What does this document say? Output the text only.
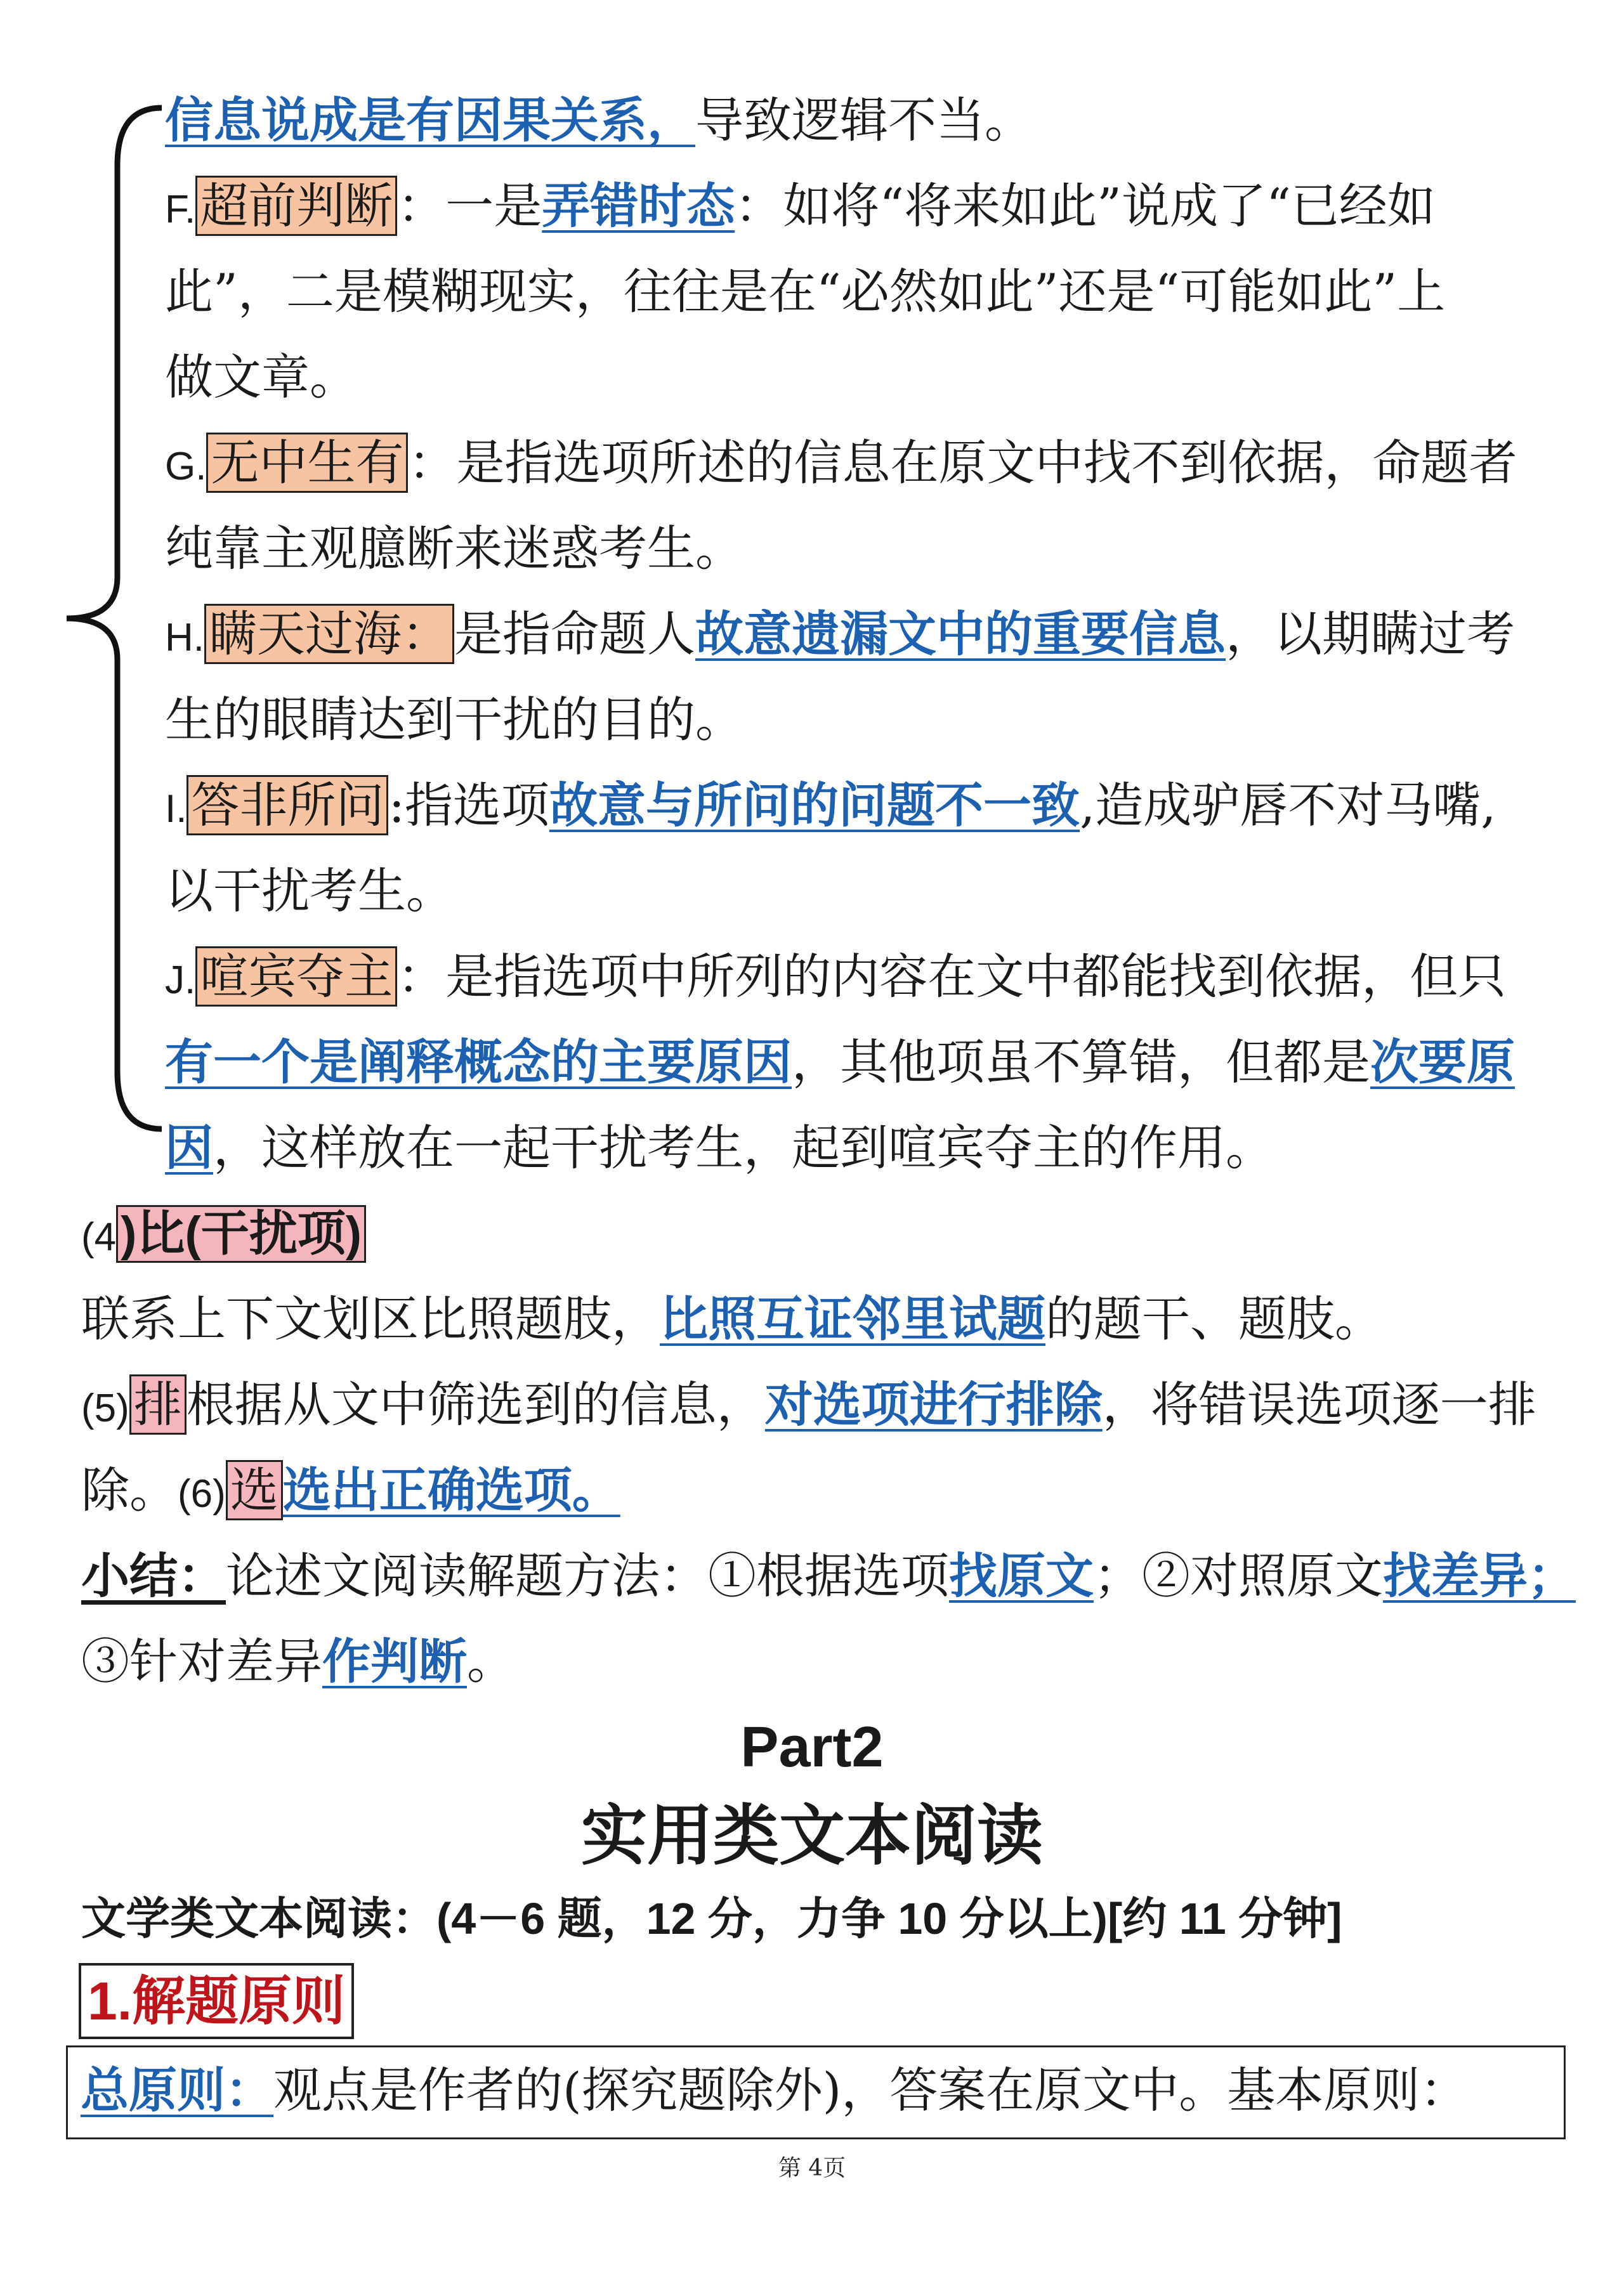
信息说成是有因果关系，导致逻辑不当。
F.超前判断：一是弄错时态：如将“将来如此”说成了“已经如
此”，二是模糊现实，往往是在“必然如此”还是“可能如此”上
做文章。
G.无中生有：是指选项所述的信息在原文中找不到依据，命题者
纯靠主观臆断来迷惑考生。
H.瞒天过海：是指命题人故意遗漏文中的重要信息，以期瞒过考
生的眼睛达到干扰的目的。
I.答非所问:指选项故意与所问的问题不一致,造成驴唇不对马嘴,
以干扰考生。
J.喧宾夺主：是指选项中所列的内容在文中都能找到依据，但只
有一个是阐释概念的主要原因，其他项虽不算错，但都是次要原
因，这样放在一起干扰考生，起到喧宾夺主的作用。
(4)比(干扰项)
联系上下文划区比照题肢，比照互证邻里试题的题干、题肢。
(5)排根据从文中筛选到的信息，对选项进行排除，将错误选项逐一排
除。(6)选选出正确选项。
小结：论述文阅读解题方法：①根据选项找原文；②对照原文找差异；
③针对差异作判断。
Part2
实用类文本阅读
文学类文本阅读：(4－6 题，12 分，力争 10 分以上)[约 11 分钟]
1.解题原则
总原则：观点是作者的(探究题除外)，答案在原文中。基本原则：
第 4页
